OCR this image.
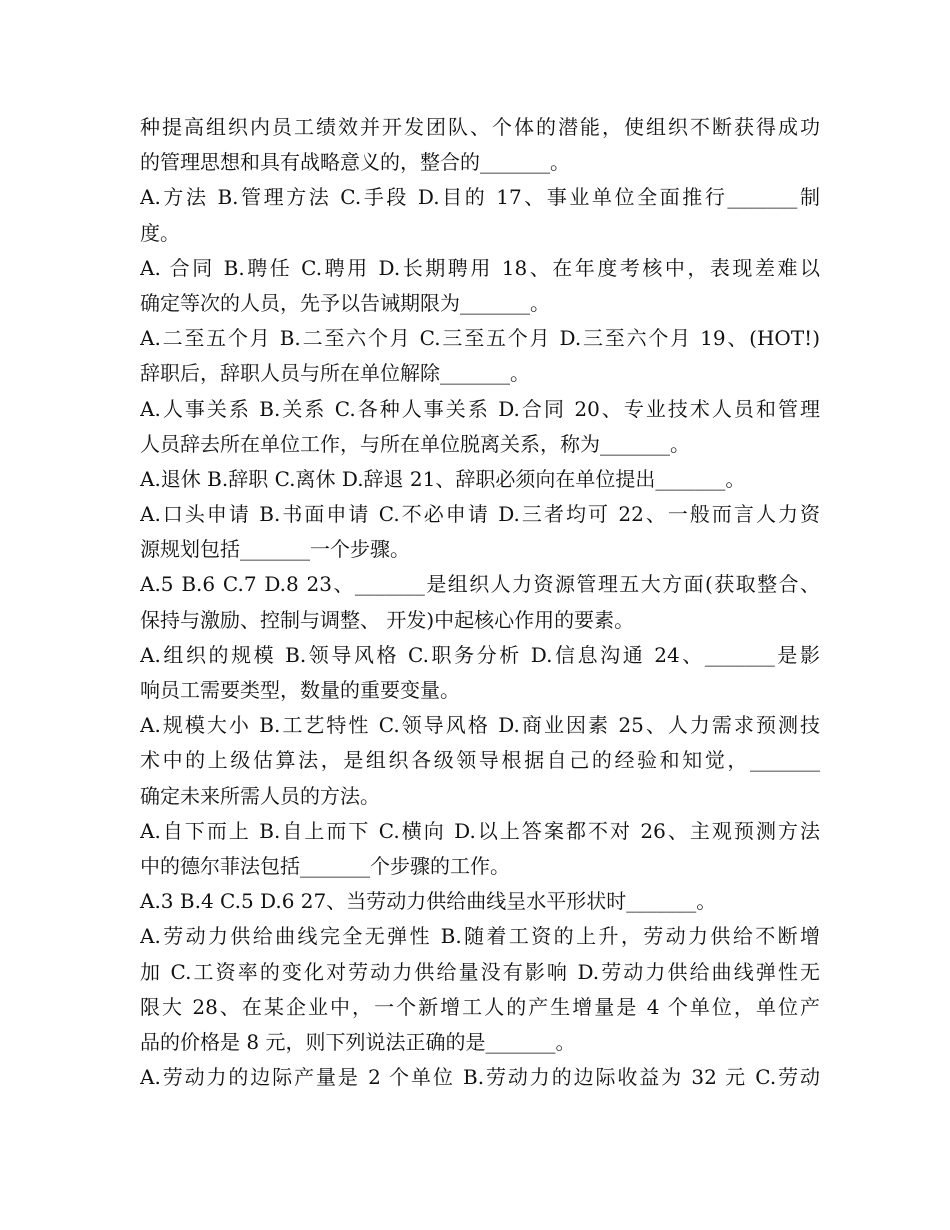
种提高组织内员工绩效并开发团队、个体的潜能，使组织不断获得成功
的管理思想和具有战略意义的，整合的_______。
A.方法 B.管理方法 C.手段 D.目的 17、事业单位全面推行_______制
度。
A. 合同 B.聘任 C.聘用 D.长期聘用 18、在年度考核中，表现差难以
确定等次的人员，先予以告诫期限为_______。
A.二至五个月 B.二至六个月 C.三至五个月 D.三至六个月 19、(HOT!)
辞职后，辞职人员与所在单位解除_______。
A.人事关系 B.关系 C.各种人事关系 D.合同 20、专业技术人员和管理
人员辞去所在单位工作，与所在单位脱离关系，称为_______。
A.退休 B.辞职 C.离休 D.辞退 21、辞职必须向在单位提出_______。
A.口头申请 B.书面申请 C.不必申请 D.三者均可 22、一般而言人力资
源规划包括_______一个步骤。
A.5 B.6 C.7 D.8 23、_______是组织人力资源管理五大方面(获取整合、
保持与激励、控制与调整、 开发)中起核心作用的要素。
A.组织的规模 B.领导风格 C.职务分析 D.信息沟通 24、_______是影
响员工需要类型，数量的重要变量。
A.规模大小 B.工艺特性 C.领导风格 D.商业因素 25、人力需求预测技
术中的上级估算法，是组织各级领导根据自己的经验和知觉，_______
确定未来所需人员的方法。
A.自下而上 B.自上而下 C.横向 D.以上答案都不对 26、主观预测方法
中的德尔菲法包括_______个步骤的工作。
A.3 B.4 C.5 D.6 27、当劳动力供给曲线呈水平形状时_______。
A.劳动力供给曲线完全无弹性 B.随着工资的上升，劳动力供给不断增
加 C.工资率的变化对劳动力供给量没有影响 D.劳动力供给曲线弹性无
限大 28、在某企业中，一个新增工人的产生增量是 4 个单位，单位产
品的价格是 8 元，则下列说法正确的是_______。
A.劳动力的边际产量是 2 个单位 B.劳动力的边际收益为 32 元 C.劳动
